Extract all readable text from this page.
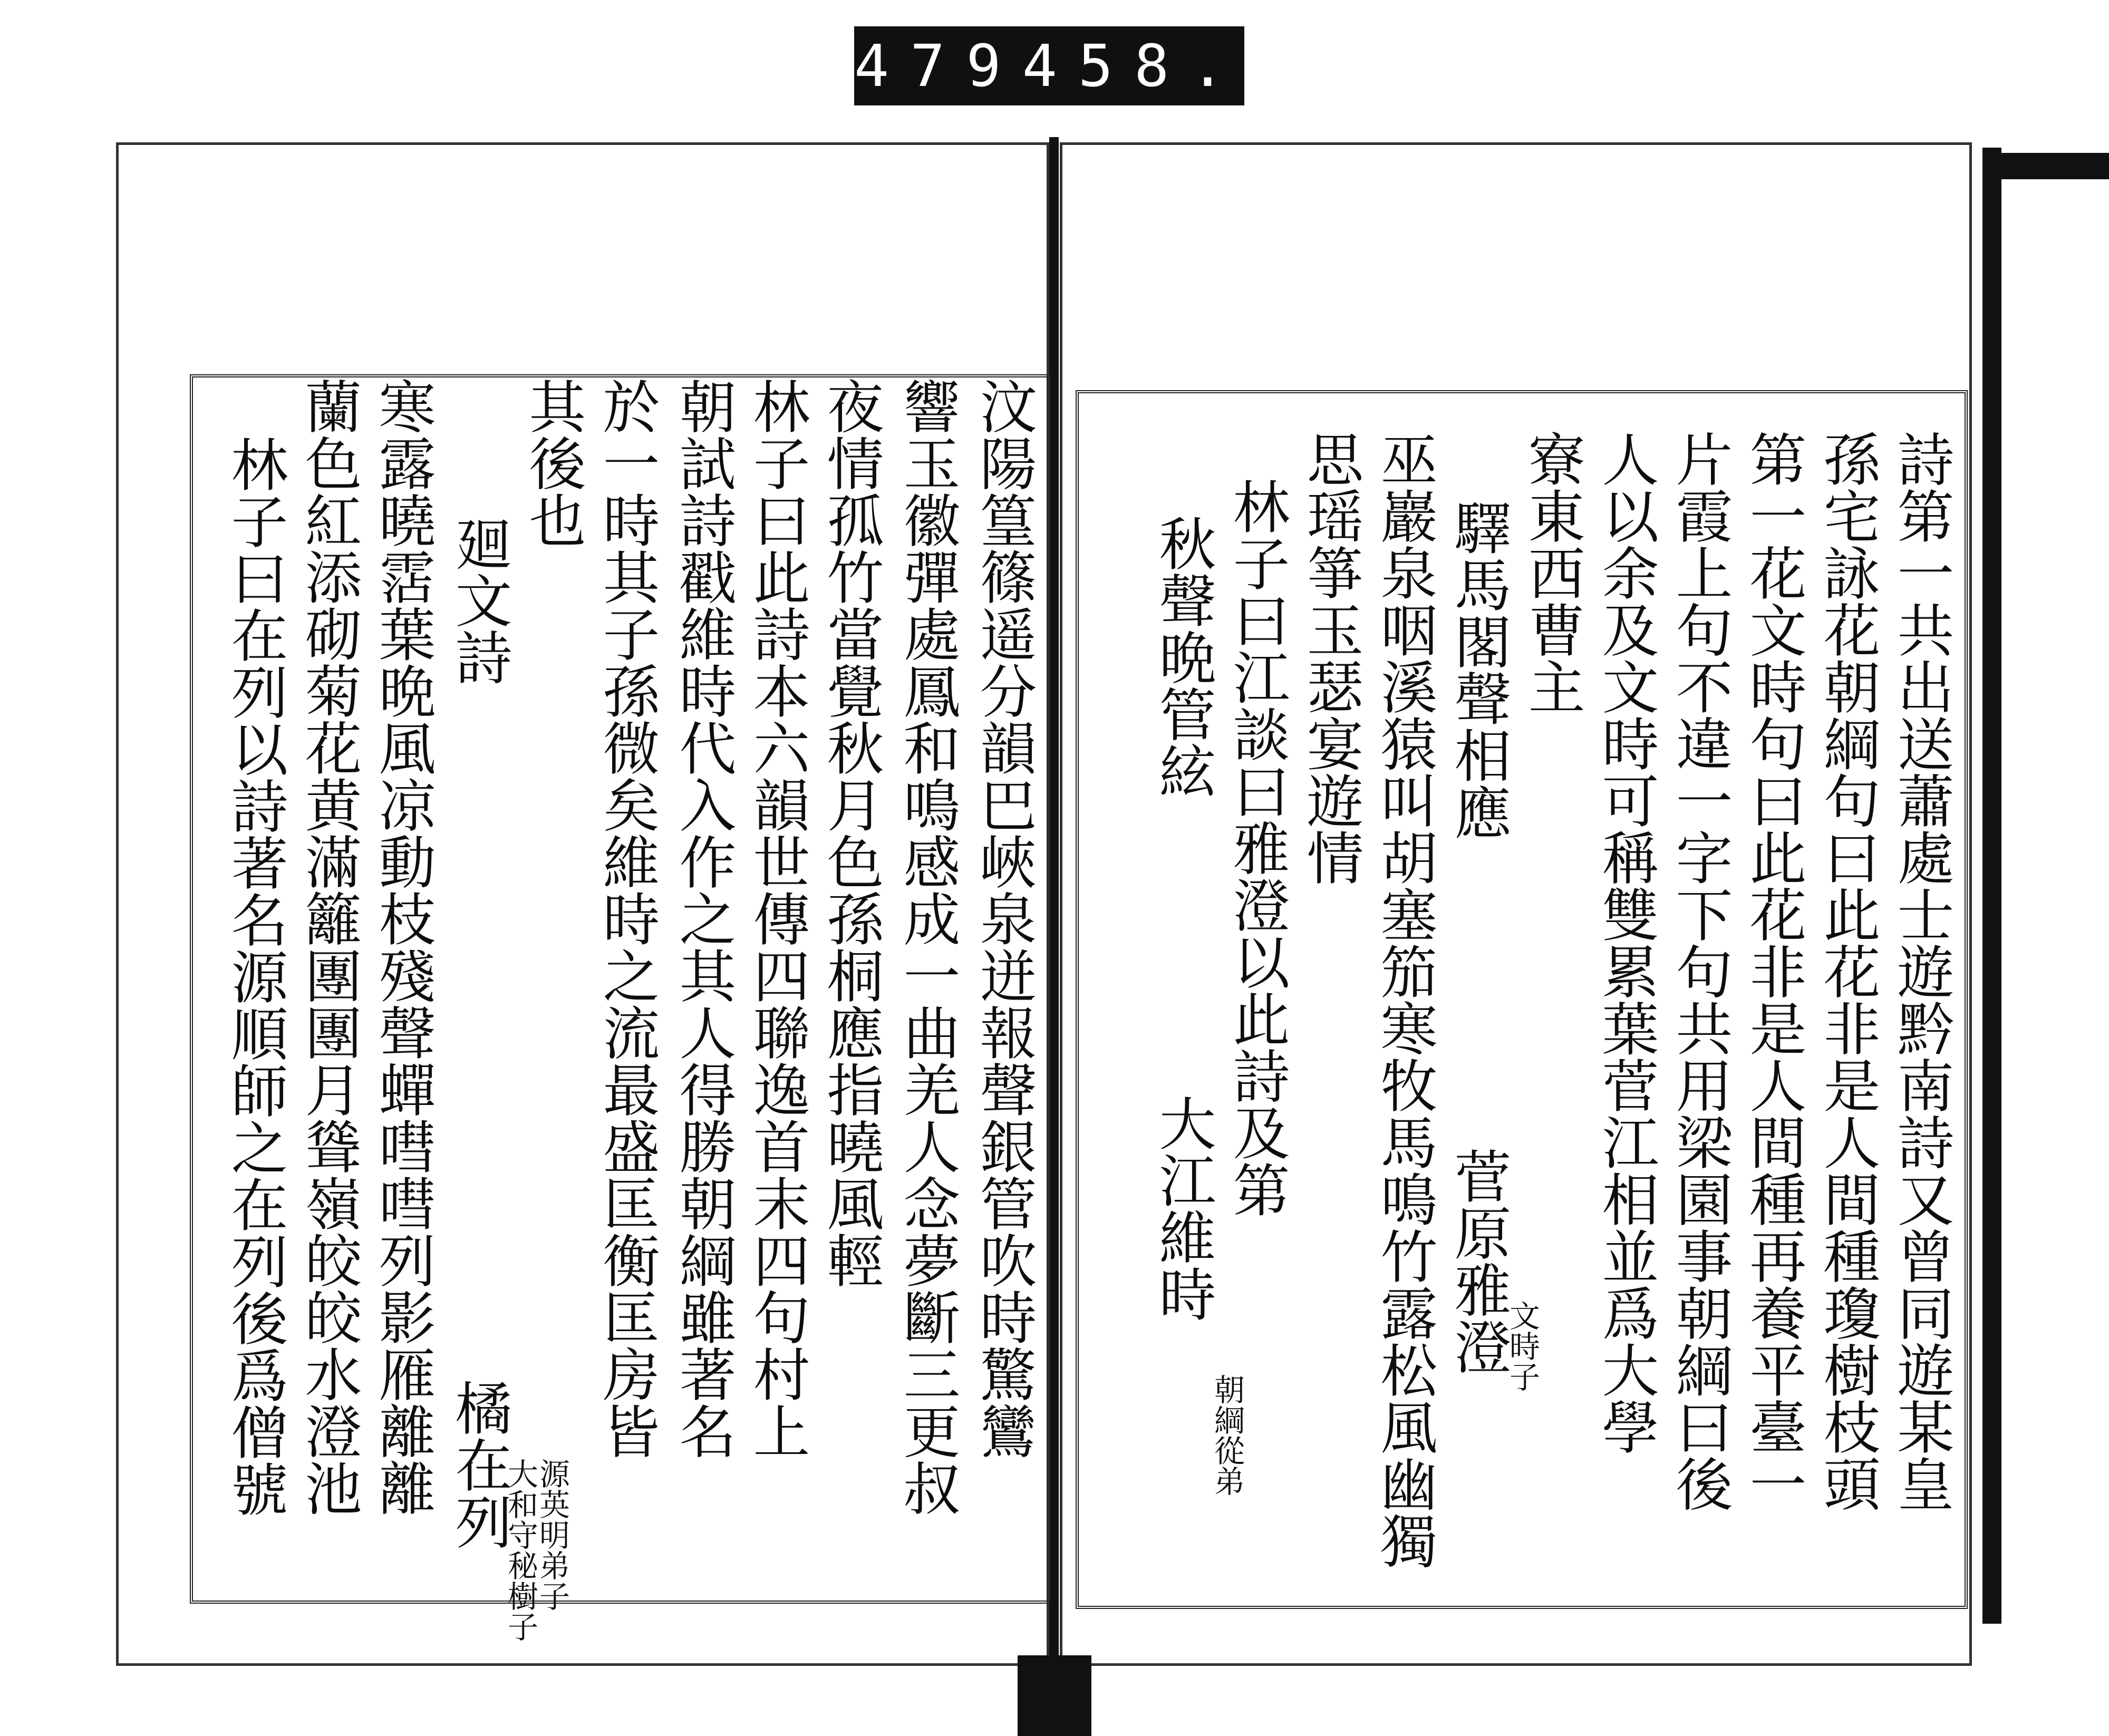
479 458.
汶陽篁篠遥分韻巴峽泉迸報聲銀管吹時驚鸞
響玉徽彈處鳳和鳴感成一曲羌人念夢斷三更叔
夜情孤竹當覺秋月色孫桐應指曉風輕
林子曰此詩本六韻世傳四聯逸首末四句村上
朝試詩戳維時代入作之其人得勝朝綱雖著名
於一時其子孫微矣維時之流最盛匡衡匡房皆
其後也
廻文詩
橘在列
大和守秘樹子
源英明弟子
寒露曉霑葉晩風凉動枝殘聲蟬嘒嘒列影雁離離
蘭色紅添砌菊花黄滿籬團團月聳嶺皎皎水澄池
林子曰在列以詩著名源順師之在列後爲僧號	詩第一共出送蕭處士遊黔南詩又曾同遊某皇
孫宅詠花朝綱句曰此花非是人間種瓊樹枝頭
第一花文時句曰此花非是人間種再養平臺一
片霞上句不違一字下句共用梁園事朝綱曰後
人以余及文時可稱雙累葉菅江相並爲大學
寮東西曹主
驛馬閣聲相應
菅原雅澄
文時子
巫巖泉咽溪猿叫胡塞笳寒牧馬鳴竹露松風幽獨
思瑶箏玉瑟宴遊情
林子曰江談曰雅澄以此詩及第
秋聲晩管絃
大江維時
朝綱從弟
